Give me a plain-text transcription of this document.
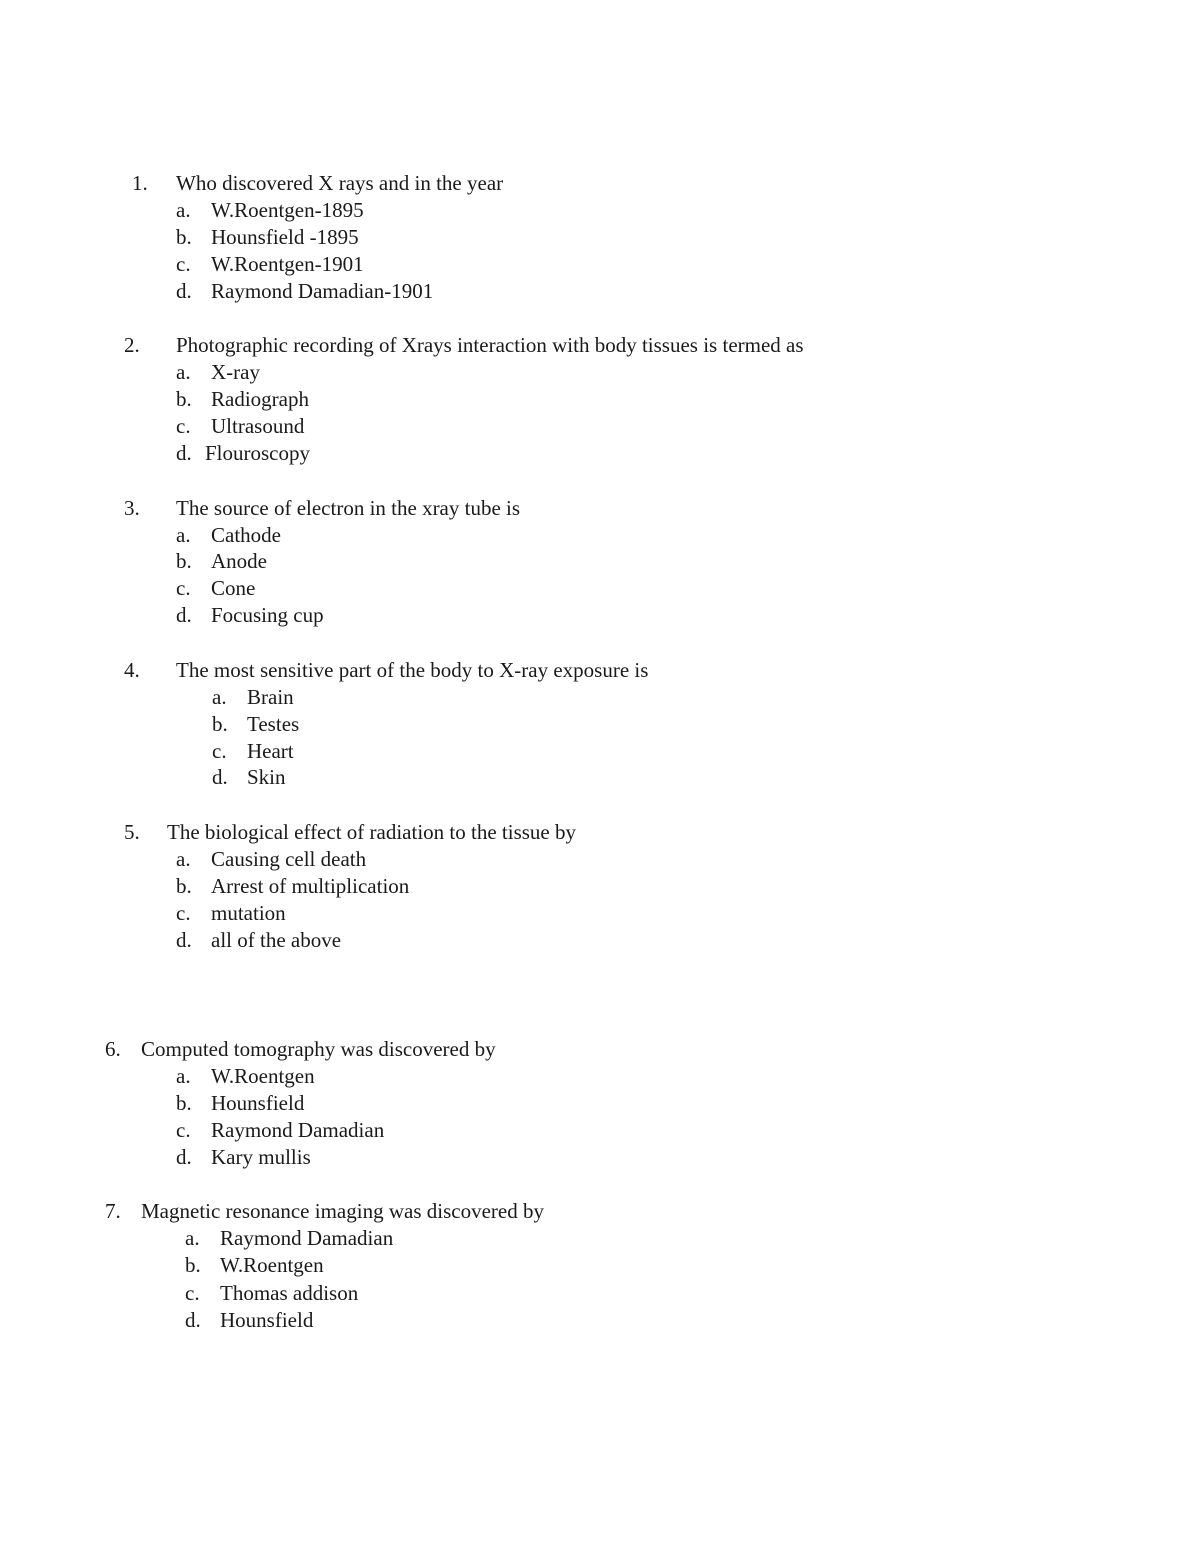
1. Who discovered X rays and in the year
a. W.Roentgen-1895
b. Hounsfield -1895
c. W.Roentgen-1901
d. Raymond Damadian-1901
2. Photographic recording of Xrays interaction with body tissues is termed as
a. X-ray
b. Radiograph
c. Ultrasound
d. Flouroscopy
3. The source of electron in the xray tube is
a. Cathode
b. Anode
c. Cone
d. Focusing cup
4. The most sensitive part of the body to X-ray exposure is
a. Brain
b. Testes
c. Heart
d. Skin
5. The biological effect of radiation to the tissue by
a. Causing cell death
b. Arrest of multiplication
c. mutation
d. all of the above
6. Computed tomography was discovered by
a. W.Roentgen
b. Hounsfield
c. Raymond Damadian
d. Kary mullis
7. Magnetic resonance imaging was discovered by
a. Raymond Damadian
b. W.Roentgen
c. Thomas addison
d. Hounsfield
